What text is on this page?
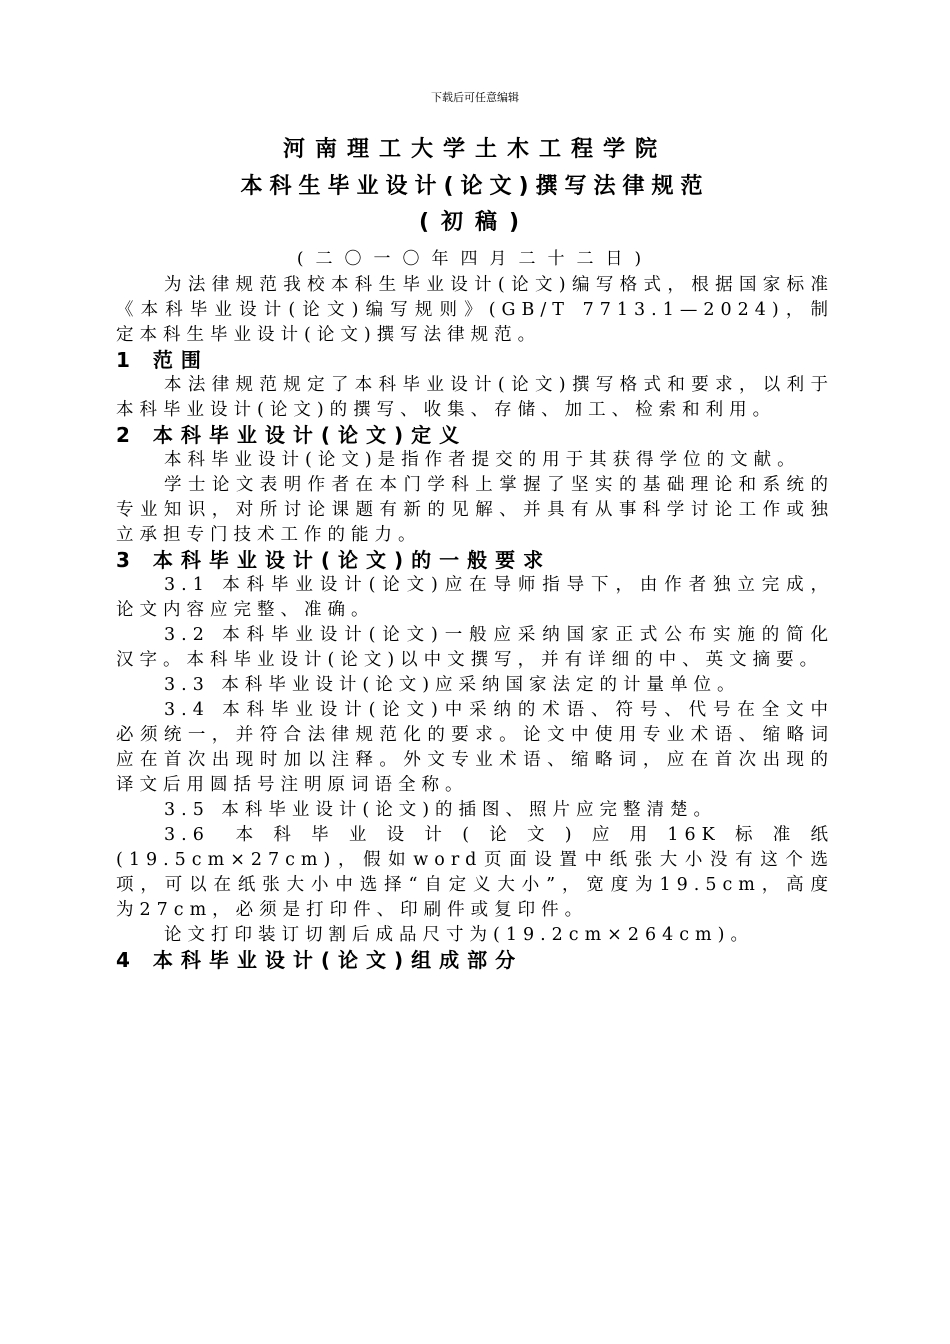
下载后可任意编辑
河南理工大学土木工程学院
本科生毕业设计(论文)撰写法律规范
(初稿)
(二〇一〇年四月二十二日)

为法律规范我校本科生毕业设计(论文)编写格式，根据国家标准《本科毕业设计(论文)编写规则》(GB/T 7713.1—2024)，制定本科生毕业设计(论文)撰写法律规范。

1 范围

本法律规范规定了本科毕业设计(论文)撰写格式和要求，以利于本科毕业设计(论文)的撰写、收集、存储、加工、检索和利用。

2 本科毕业设计(论文)定义

本科毕业设计(论文)是指作者提交的用于其获得学位的文献。

学士论文表明作者在本门学科上掌握了坚实的基础理论和系统的专业知识，对所讨论课题有新的见解、并具有从事科学讨论工作或独立承担专门技术工作的能力。

3 本科毕业设计(论文)的一般要求

3.1 本科毕业设计(论文)应在导师指导下，由作者独立完成，论文内容应完整、准确。

3.2 本科毕业设计(论文)一般应采纳国家正式公布实施的简化汉字。本科毕业设计(论文)以中文撰写，并有详细的中、英文摘要。

3.3 本科毕业设计(论文)应采纳国家法定的计量单位。

3.4 本科毕业设计(论文)中采纳的术语、符号、代号在全文中必须统一，并符合法律规范化的要求。论文中使用专业术语、缩略词应在首次出现时加以注释。外文专业术语、缩略词，应在首次出现的译文后用圆括号注明原词语全称。

3.5 本科毕业设计(论文)的插图、照片应完整清楚。

3.6 本科毕业设计(论文)应用16K标准纸(19.5cm×27cm)，假如word页面设置中纸张大小没有这个选项，可以在纸张大小中选择“自定义大小”，宽度为19.5cm，高度为27cm，必须是打印件、印刷件或复印件。

论文打印装订切割后成品尺寸为(19.2cm×264cm)。

4 本科毕业设计(论文)组成部分
